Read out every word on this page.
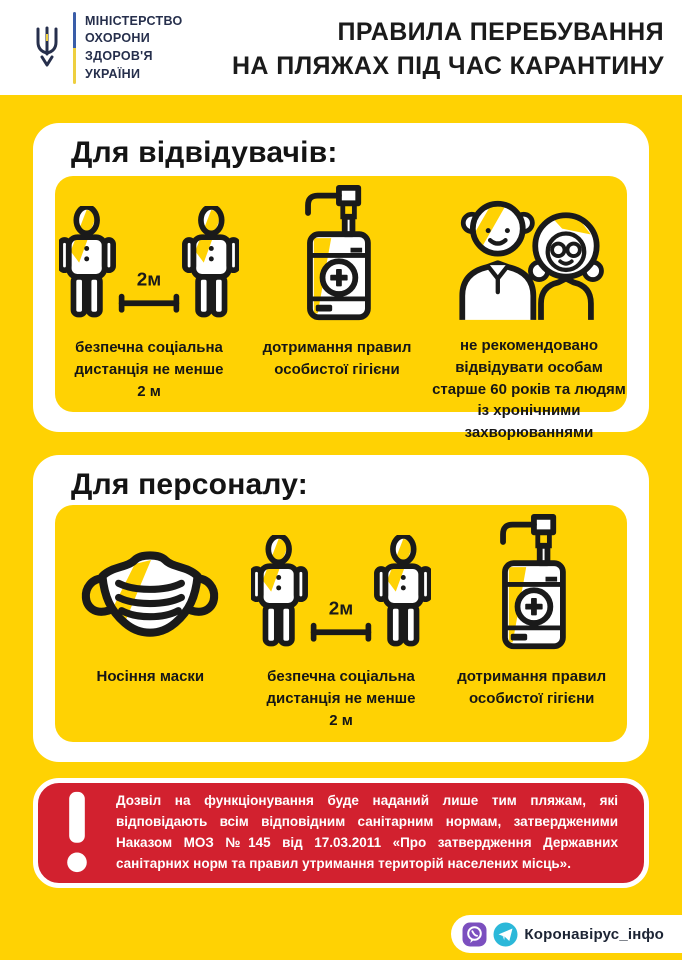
МІНІСТЕРСТВО
ОХОРОНИ
ЗДОРОВ'Я
УКРАЇНИ
ПРАВИЛА ПЕРЕБУВАННЯ
НА ПЛЯЖАХ ПІД ЧАС КАРАНТИНУ
Для відвідувачів:
2м

безпечна соціальна дистанція не менше 2 м

дотримання правил особистої гігієни

не рекомендовано відвідувати особам старше 60 років та людям із хронічними захворюваннями

Для персоналу:

Носіння маски

2м

безпечна соціальна дистанція не менше 2 м

дотримання правил особистої гігієни

Дозвіл на функціонування буде наданий лише тим пляжам, які відповідають всім відповідним санітарним нормам, затвердженими Наказом МОЗ №145 від 17.03.2011 «Про затвердження Державних санітарних норм та правил утримання територій населених місць».

Коронавірус_інфо
